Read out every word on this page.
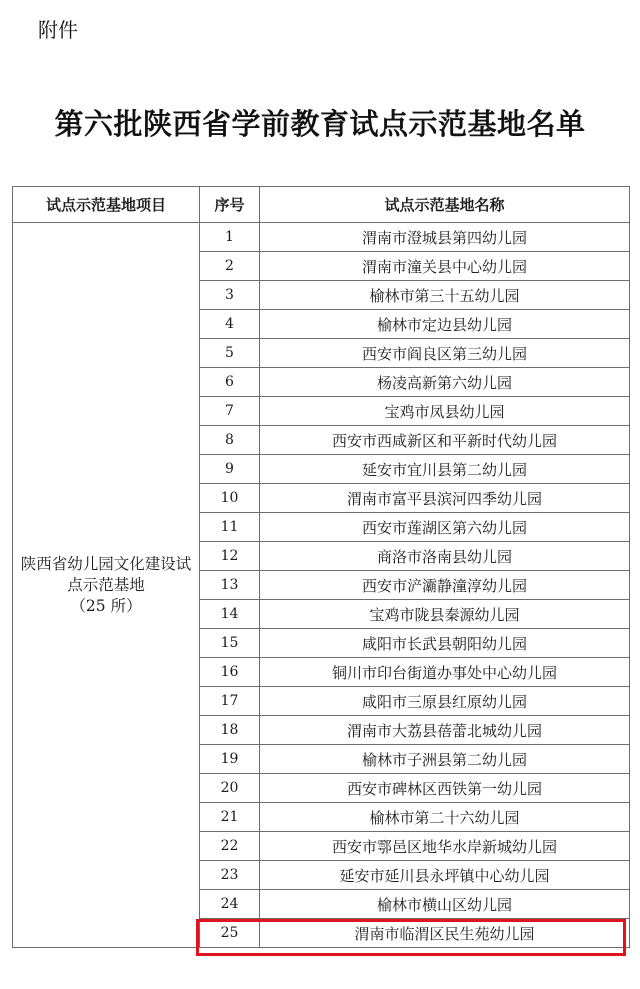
附件
第六批陕西省学前教育试点示范基地名单
试点示范基地项目	序号	试点示范基地名称

陕西省幼儿园文化建设试
点示范基地
（25 所）	1	渭南市澄城县第四幼儿园
	2	渭南市潼关县中心幼儿园
	3	榆林市第三十五幼儿园
	4	榆林市定边县幼儿园
	5	西安市阎良区第三幼儿园
	6	杨凌高新第六幼儿园
	7	宝鸡市凤县幼儿园
	8	西安市西咸新区和平新时代幼儿园
	9	延安市宜川县第二幼儿园
	10	渭南市富平县滨河四季幼儿园
	11	西安市莲湖区第六幼儿园
	12	商洛市洛南县幼儿园
	13	西安市浐灞静潼淳幼儿园
	14	宝鸡市陇县秦源幼儿园
	15	咸阳市长武县朝阳幼儿园
	16	铜川市印台街道办事处中心幼儿园
	17	咸阳市三原县红原幼儿园
	18	渭南市大荔县蓓蕾北城幼儿园
	19	榆林市子洲县第二幼儿园
	20	西安市碑林区西铁第一幼儿园
	21	榆林市第二十六幼儿园
	22	西安市鄠邑区地华水岸新城幼儿园
	23	延安市延川县永坪镇中心幼儿园
	24	榆林市横山区幼儿园
	25	渭南市临渭区民生苑幼儿园
